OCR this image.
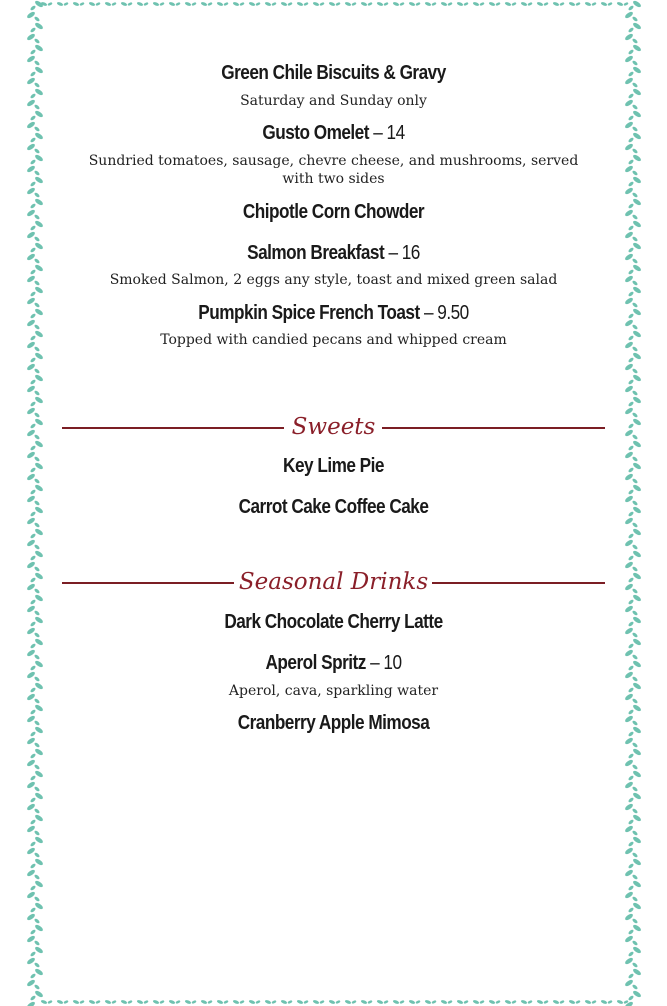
Green Chile Biscuits & Gravy
Saturday and Sunday only
Gusto Omelet – 14
Sundried tomatoes, sausage, chevre cheese, and mushrooms, served with two sides
Chipotle Corn Chowder
Salmon Breakfast – 16
Smoked Salmon, 2 eggs any style, toast and mixed green salad
Pumpkin Spice French Toast – 9.50
Topped with candied pecans and whipped cream
Sweets
Key Lime Pie
Carrot Cake Coffee Cake
Seasonal Drinks
Dark Chocolate Cherry Latte
Aperol Spritz – 10
Aperol, cava, sparkling water
Cranberry Apple Mimosa
